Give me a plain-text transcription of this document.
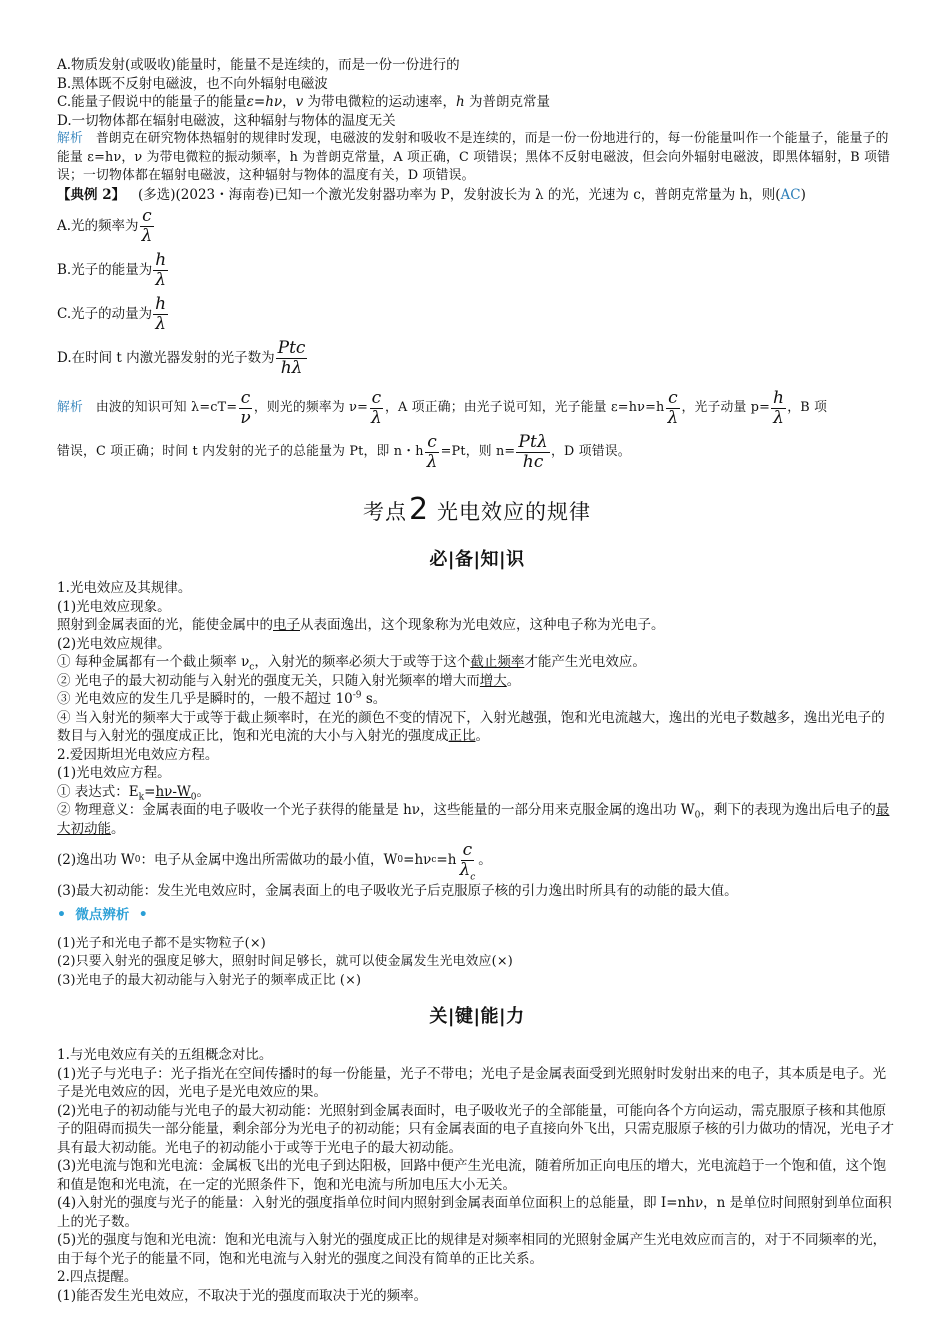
A.物质发射(或吸收)能量时，能量不是连续的，而是一份一份进行的
B.黑体既不反射电磁波，也不向外辐射电磁波
C.能量子假说中的能量子的能量ε=hν，v 为带电微粒的运动速率，h 为普朗克常量
D.一切物体都在辐射电磁波，这种辐射与物体的温度无关
解析 普朗克在研究物体热辐射的规律时发现，电磁波的发射和吸收不是连续的，而是一份一份地进行的，每一份能量叫作一个能量子，能量子的能量 ε=hν，ν 为带电微粒的振动频率，h 为普朗克常量，A 项正确，C 项错误；黑体不反射电磁波，但会向外辐射电磁波，即黑体辐射，B 项错误；一切物体都在辐射电磁波，这种辐射与物体的温度有关，D 项错误。
【典例 2】 (多选)(2023・海南卷)已知一个激光发射器功率为 P，发射波长为 λ 的光，光速为 c，普朗克常量为 h，则(AC)
A.光的频率为 $\frac{c}{\lambda}$
B.光子的能量为 $\frac{h}{\lambda}$
C.光子的动量为 $\frac{h}{\lambda}$
D.在时间 t 内激光器发射的光子数为 $\frac{\text{Ptc}}{h\lambda}$
解析
由波的知识可知 $\lambda=cT= \frac{c}{\nu}$ ，则光的频率为 $\nu= \frac{c}{\lambda}$ ，A 项正确；由光子说可知，光子能量 $\varepsilon=h\nu=h \frac{c}{\lambda}$ ，光子动量 $p= \frac{h}{\lambda}$ ，B 项
错误，C 项正确；时间 t 内发射的光子的总能量为 Pt，即 n・h $\frac{c}{\lambda} =Pt$，则 $n= \frac{\text{Ptλ}}{hc}$ ，D 项错误。
考点2 光电效应的规律
必|备|知|识
1.光电效应及其规律。
(1)光电效应现象。
照射到金属表面的光，能使金属中的电子从表面逸出，这个现象称为光电效应，这种电子称为光电子。
(2)光电效应规律。
① 每种金属都有一个截止频率 $\nu_c$，入射光的频率必须大于或等于这个截止频率才能产生光电效应。
② 光电子的最大初动能与入射光的强度无关，只随入射光频率的增大而增大。
③ 光电效应的发生几乎是瞬时的，一般不超过 $10^{-9}$ s。
④ 当入射光的频率大于或等于截止频率时，在光的颜色不变的情况下，入射光越强，饱和光电流越大，逸出的光电子数越多，逸出光电子的数目与入射光的强度成正比，饱和光电流的大小与入射光的强度成正比。
2.爱因斯坦光电效应方程。
(1)光电效应方程。
① 表达式：$E_k=h\nu-W_0$。
② 物理意义：金属表面的电子吸收一个光子获得的能量是 hν，这些能量的一部分用来克服金属的逸出功 $W_0$，剩下的表现为逸出后电子的最大初动能。
(2)逸出功 W 0 ：电子从金属中逸出所需做功的最小值，W 0 =hν $c =h \frac{c}{\lambda_c}$ 。
(3)最大初动能：发生光电效应时，金属表面上的电子吸收光子后克服原子核的引力逸出时所具有的动能的最大值。
• 微点辨析 •
(1)光子和光电子都不是实物粒子(×)
(2)只要入射光的强度足够大，照射时间足够长，就可以使金属发生光电效应(×)
(3)光电子的最大初动能与入射光子的频率成正比 (×)
关|键|能|力
1.与光电效应有关的五组概念对比。
(1)光子与光电子：光子指光在空间传播时的每一份能量，光子不带电；光电子是金属表面受到光照射时发射出来的电子，其本质是电子。光子是光电效应的因，光电子是光电效应的果。
(2)光电子的初动能与光电子的最大初动能：光照射到金属表面时，电子吸收光子的全部能量，可能向各个方向运动，需克服原子核和其他原子的阻碍而损失一部分能量，剩余部分为光电子的初动能；只有金属表面的电子直接向外飞出，只需克服原子核的引力做功的情况，光电子才具有最大初动能。光电子的初动能小于或等于光电子的最大初动能。
(3)光电流与饱和光电流：金属板飞出的光电子到达阳极，回路中便产生光电流，随着所加正向电压的增大，光电流趋于一个饱和值，这个饱和值是饱和光电流，在一定的光照条件下，饱和光电流与所加电压大小无关。
(4)入射光的强度与光子的能量：入射光的强度指单位时间内照射到金属表面单位面积上的总能量，即 I=nhν，n 是单位时间照射到单位面积上的光子数。
(5)光的强度与饱和光电流：饱和光电流与入射光的强度成正比的规律是对频率相同的光照射金属产生光电效应而言的，对于不同频率的光，由于每个光子的能量不同，饱和光电流与入射光的强度之间没有简单的正比关系。
2.四点提醒。
(1)能否发生光电效应，不取决于光的强度而取决于光的频率。
